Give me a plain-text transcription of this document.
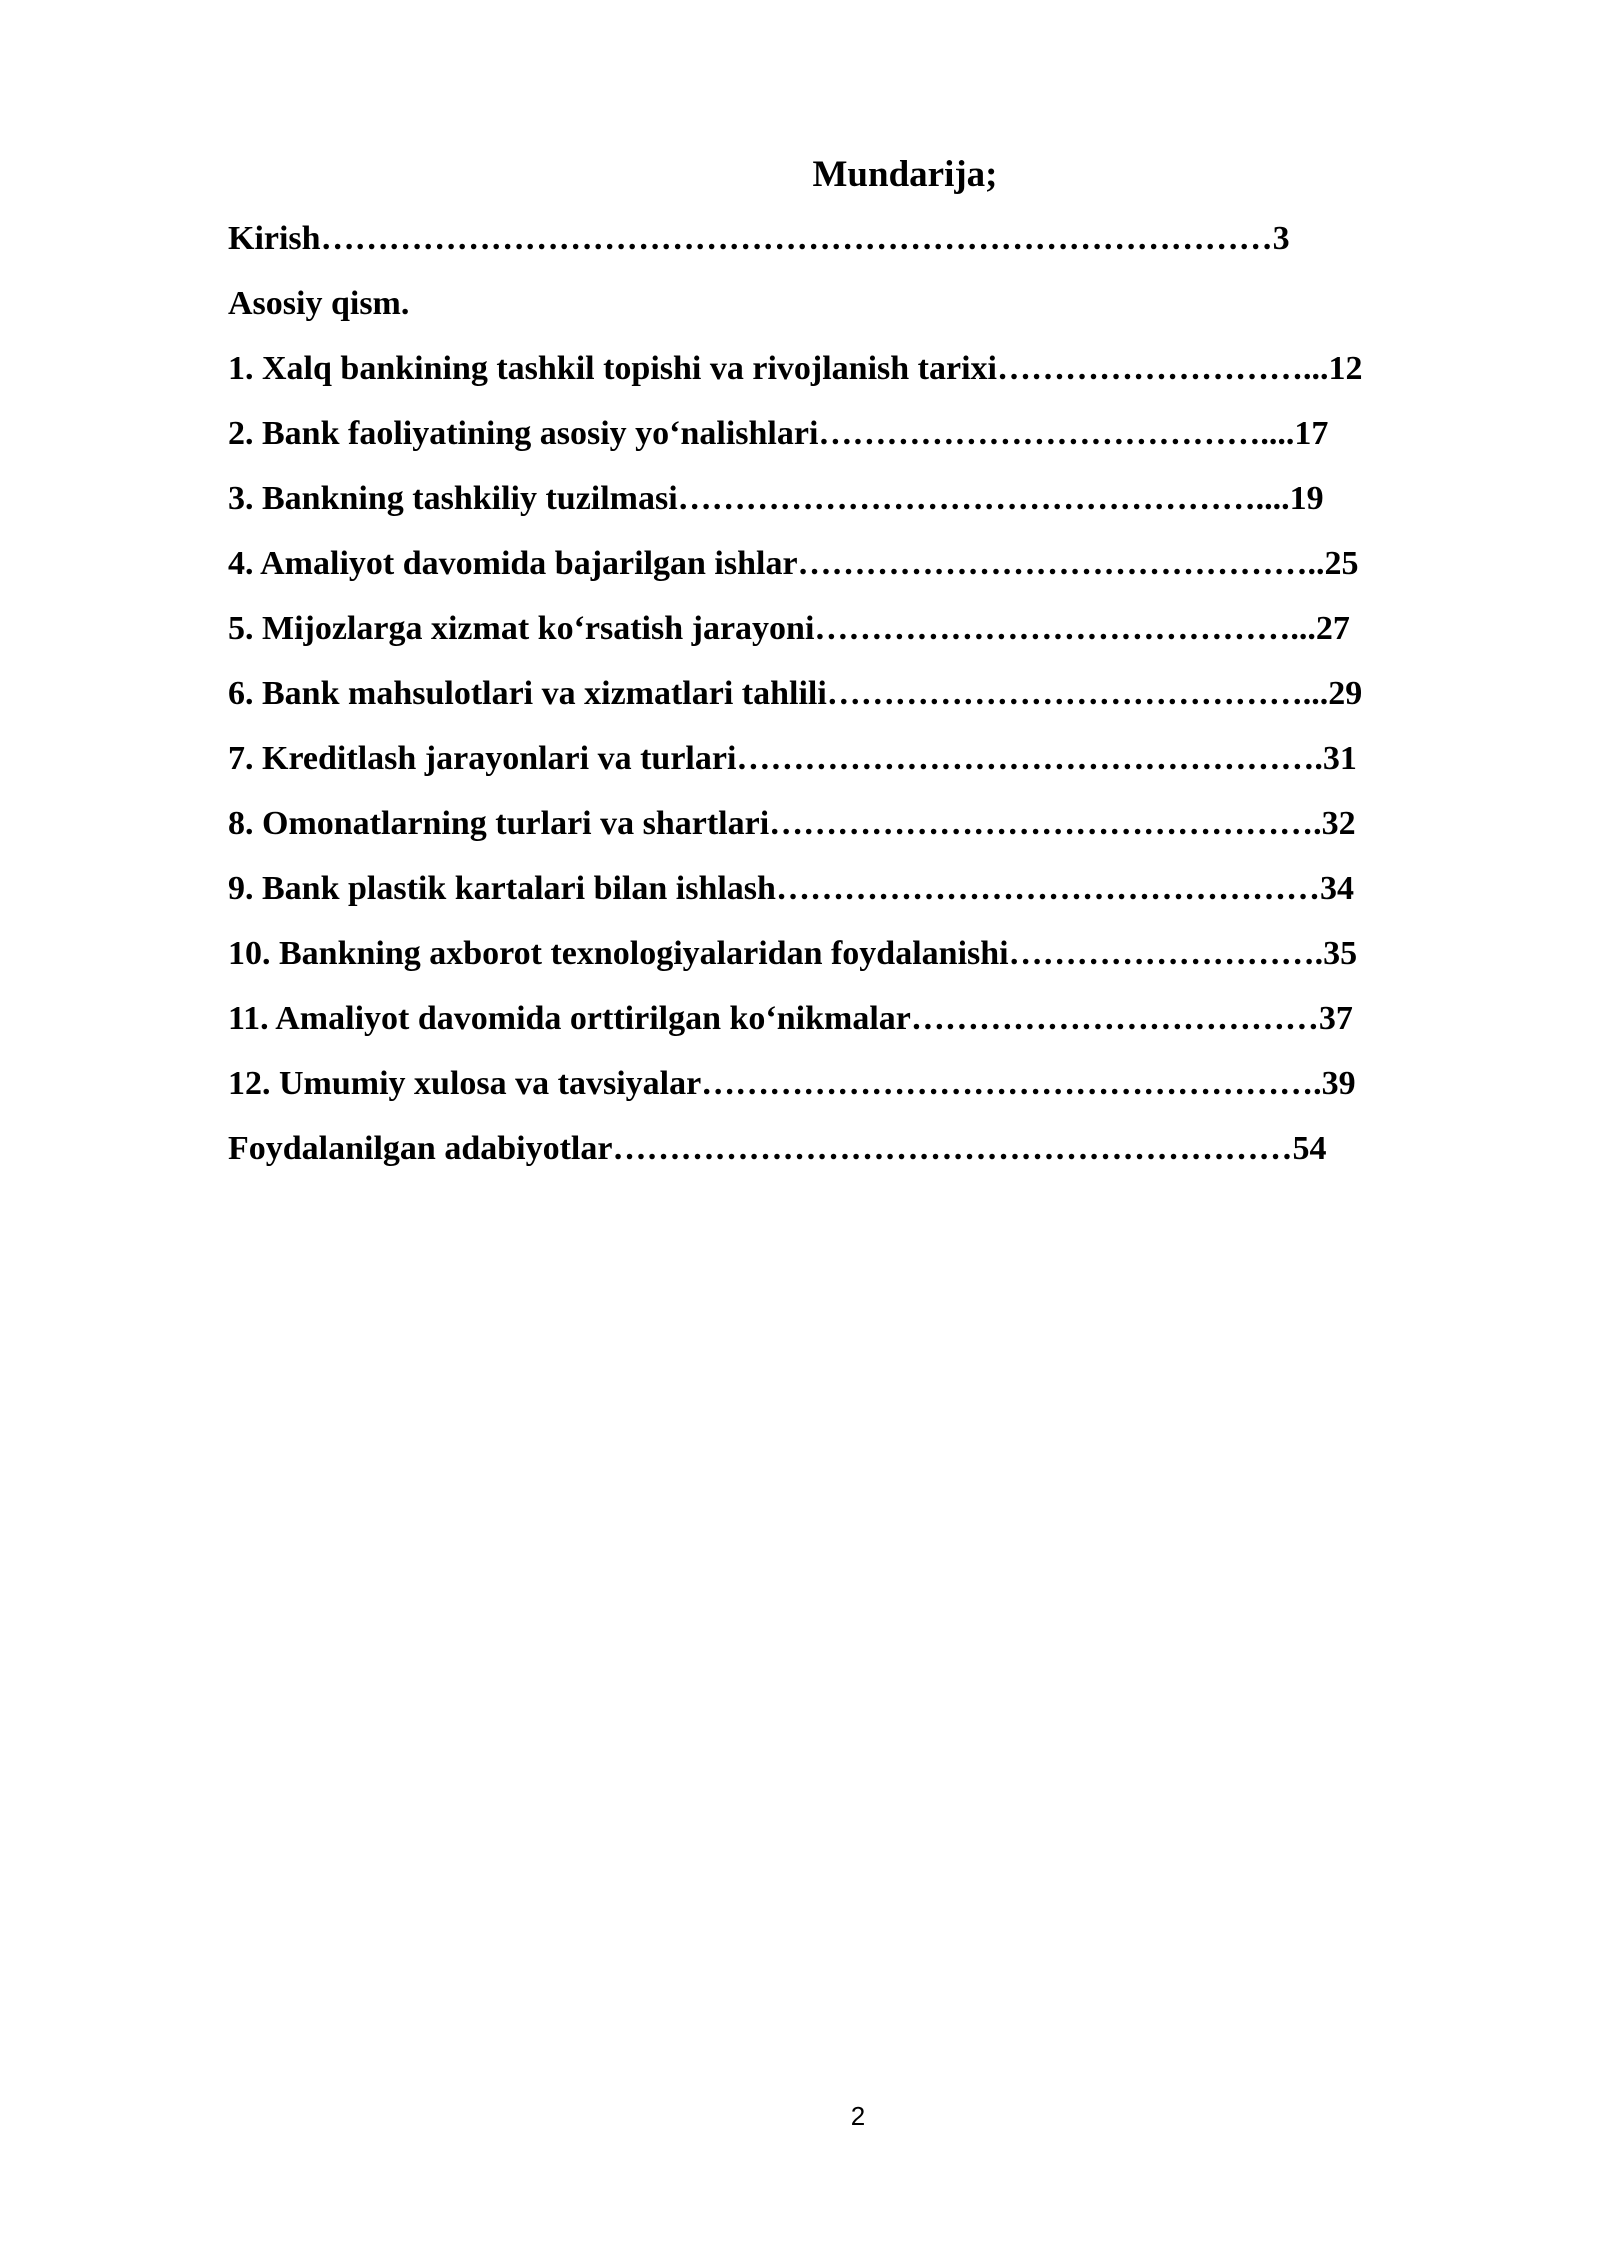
Mundarija;
Kirish…………………………………………………………………………3
Asosiy qism.
1. Xalq bankining tashkil topishi va rivojlanish tarixi………………………...12
2. Bank faoliyatining asosiy yo‘nalishlari…………………………………....17
3. Bankning tashkiliy tuzilmasi……………………………………………....19
4. Amaliyot davomida bajarilgan ishlar………………………………………..25
5. Mijozlarga xizmat ko‘rsatish jarayoni……………………………………...27
6. Bank mahsulotlari va xizmatlari tahlili……………………………………...29
7. Kreditlash jarayonlari va turlari…………………………………………….31
8. Omonatlarning turlari va shartlari………………………………………….32
9. Bank plastik kartalari bilan ishlash…………………………………………34
10. Bankning axborot texnologiyalaridan foydalanishi……………………….35
11. Amaliyot davomida orttirilgan ko‘nikmalar………………………………37
12. Umumiy xulosa va tavsiyalar……………………………………………….39
Foydalanilgan adabiyotlar……………………………………………………54

2
